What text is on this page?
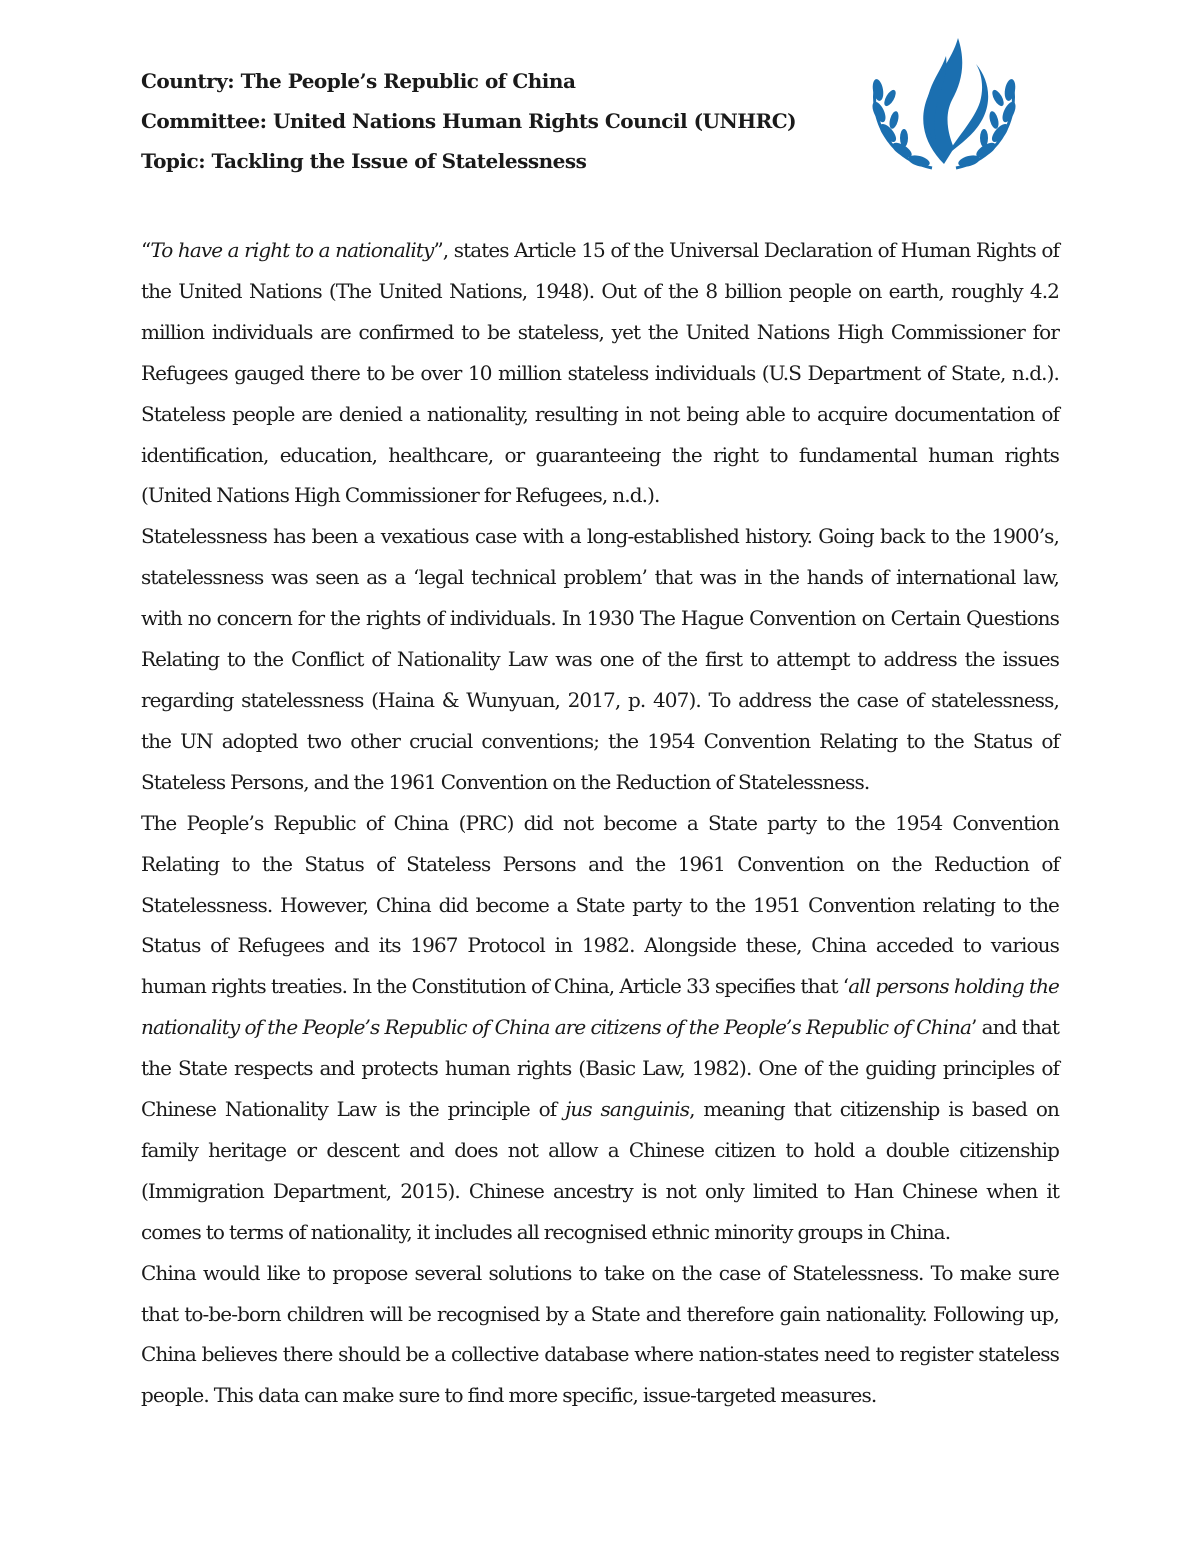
Country: The People’s Republic of China

Committee: United Nations Human Rights Council (UNHRC)

Topic: Tackling the Issue of Statelessness

“To have a right to a nationality”, states Article 15 of the Universal Declaration of Human Rights of the United Nations (The United Nations, 1948). Out of the 8 billion people on earth, roughly 4.2 million individuals are confirmed to be stateless, yet the United Nations High Commissioner for Refugees gauged there to be over 10 million stateless individuals (U.S Department of State, n.d.). Stateless people are denied a nationality, resulting in not being able to acquire documentation of identification, education, healthcare, or guaranteeing the right to fundamental human rights (United Nations High Commissioner for Refugees, n.d.).

Statelessness has been a vexatious case with a long-established history. Going back to the 1900’s, statelessness was seen as a ‘legal technical problem’ that was in the hands of international law, with no concern for the rights of individuals. In 1930 The Hague Convention on Certain Questions Relating to the Conflict of Nationality Law was one of the first to attempt to address the issues regarding statelessness (Haina & Wunyuan, 2017, p. 407). To address the case of statelessness, the UN adopted two other crucial conventions; the 1954 Convention Relating to the Status of Stateless Persons, and the 1961 Convention on the Reduction of Statelessness.

The People’s Republic of China (PRC) did not become a State party to the 1954 Convention Relating to the Status of Stateless Persons and the 1961 Convention on the Reduction of Statelessness. However, China did become a State party to the 1951 Convention relating to the Status of Refugees and its 1967 Protocol in 1982. Alongside these, China acceded to various human rights treaties. In the Constitution of China, Article 33 specifies that ‘all persons holding the nationality of the People’s Republic of China are citizens of the People’s Republic of China’ and that the State respects and protects human rights (Basic Law, 1982). One of the guiding principles of Chinese Nationality Law is the principle of jus sanguinis, meaning that citizenship is based on family heritage or descent and does not allow a Chinese citizen to hold a double citizenship (Immigration Department, 2015). Chinese ancestry is not only limited to Han Chinese when it comes to terms of nationality, it includes all recognised ethnic minority groups in China.

China would like to propose several solutions to take on the case of Statelessness. To make sure that to-be-born children will be recognised by a State and therefore gain nationality. Following up, China believes there should be a collective database where nation-states need to register stateless people. This data can make sure to find more specific, issue-targeted measures.
